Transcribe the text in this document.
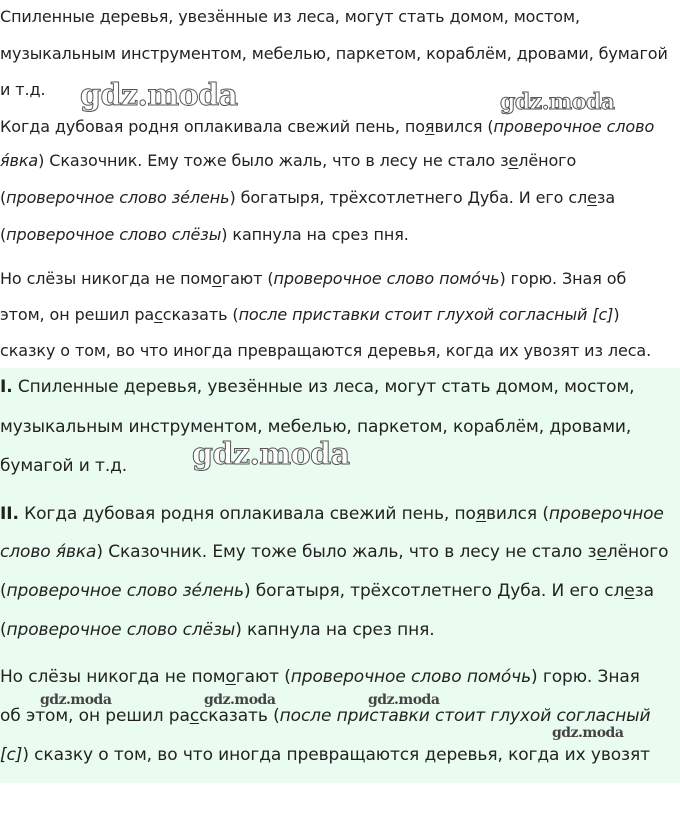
Спиленные деревья, увезённые из леса, могут стать домом, мостом,
музыкальным инструментом, мебелью, паркетом, кораблём, дровами, бумагой
и т.д.
Когда дубовая родня оплакивала свежий пень, появился (проверочное слово
я́вка) Сказочник. Ему тоже было жаль, что в лесу не стало зелёного
(проверочное слово зе́лень) богатыря, трёхсотлетнего Дуба. И его слеза
(проверочное слово слёзы) капнула на срез пня.
Но слёзы никогда не помогают (проверочное слово помо́чь) горю. Зная об
этом, он решил рассказать (после приставки стоит глухой согласный [с])
сказку о том, во что иногда превращаются деревья, когда их увозят из леса.
I. Спиленные деревья, увезённые из леса, могут стать домом, мостом,
музыкальным инструментом, мебелью, паркетом, кораблём, дровами,
бумагой и т.д.
II. Когда дубовая родня оплакивала свежий пень, появился (проверочное
слово я́вка) Сказочник. Ему тоже было жаль, что в лесу не стало зелёного
(проверочное слово зе́лень) богатыря, трёхсотлетнего Дуба. И его слеза
(проверочное слово слёзы) капнула на срез пня.
Но слёзы никогда не помогают (проверочное слово помо́чь) горю. Зная
об этом, он решил рассказать (после приставки стоит глухой согласный
[с]) сказку о том, во что иногда превращаются деревья, когда их увозят
gdz.moda	gdz.moda
gdz.moda
gdz.moda	gdz.moda	gdz.moda
gdz.moda
